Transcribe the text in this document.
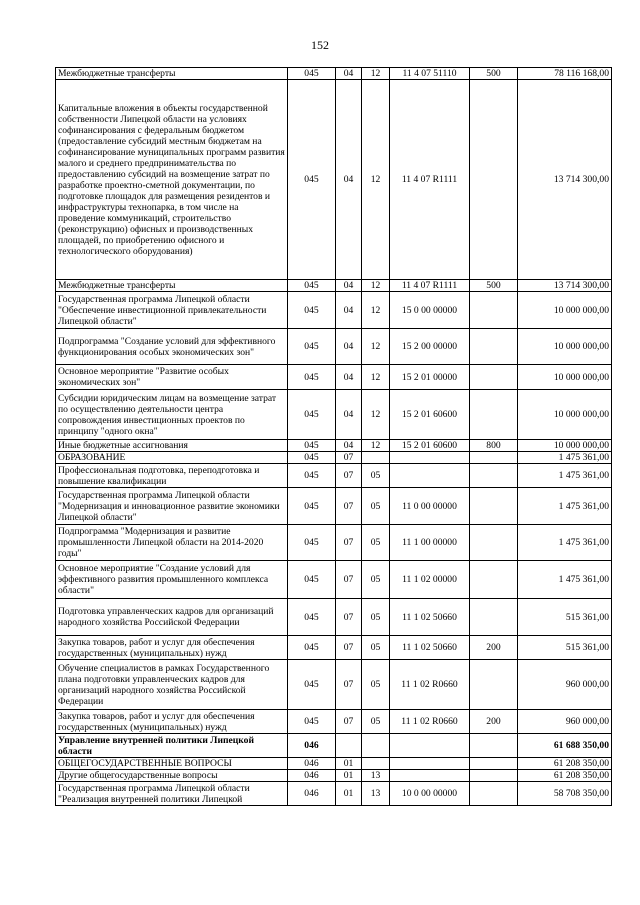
152
Межбюджетные трансферты	045	04	12	11 4 07 51110	500	78 116 168,00
Капитальные вложения в объекты государственной собственности Липецкой области на условиях софинансирования с федеральным бюджетом (предоставление субсидий местным бюджетам на софинансирование муниципальных программ развития малого и среднего предпринимательства по предоставлению субсидий на возмещение затрат по разработке проектно-сметной документации, по подготовке площадок для размещения резидентов и инфраструктуры технопарка, в том числе на проведение коммуникаций, строительство (реконструкцию) офисных и производственных площадей, по приобретению офисного и технологического оборудования)	045	04	12	11 4 07 R1111		13 714 300,00
Межбюджетные трансферты	045	04	12	11 4 07 R1111	500	13 714 300,00
Государственная программа Липецкой области "Обеспечение инвестиционной привлекательности Липецкой области"	045	04	12	15 0 00 00000		10 000 000,00
Подпрограмма "Создание условий для эффективного функционирования особых экономических зон"	045	04	12	15 2 00 00000		10 000 000,00
Основное мероприятие "Развитие особых экономических зон"	045	04	12	15 2 01 00000		10 000 000,00
Субсидии юридическим лицам на возмещение затрат по осуществлению деятельности центра сопровождения инвестиционных проектов по принципу "одного окна"	045	04	12	15 2 01 60600		10 000 000,00
Иные бюджетные ассигнования	045	04	12	15 2 01 60600	800	10 000 000,00
ОБРАЗОВАНИЕ	045	07				1 475 361,00
Профессиональная подготовка, переподготовка и повышение квалификации	045	07	05			1 475 361,00
Государственная программа Липецкой области "Модернизация и инновационное развитие экономики Липецкой области"	045	07	05	11 0 00 00000		1 475 361,00
Подпрограмма "Модернизация и развитие промышленности Липецкой области на 2014-2020 годы"	045	07	05	11 1 00 00000		1 475 361,00
Основное мероприятие "Создание условий для эффективного развития промышленного комплекса области"	045	07	05	11 1 02 00000		1 475 361,00
Подготовка управленческих кадров для организаций народного хозяйства Российской Федерации	045	07	05	11 1 02 50660		515 361,00
Закупка товаров, работ и услуг для обеспечения государственных (муниципальных) нужд	045	07	05	11 1 02 50660	200	515 361,00
Обучение специалистов в рамках Государственного плана подготовки управленческих кадров для организаций народного хозяйства Российской Федерации	045	07	05	11 1 02 R0660		960 000,00
Закупка товаров, работ и услуг для обеспечения государственных (муниципальных) нужд	045	07	05	11 1 02 R0660	200	960 000,00
Управление внутренней политики Липецкой области	046					61 688 350,00
ОБЩЕГОСУДАРСТВЕННЫЕ ВОПРОСЫ	046	01				61 208 350,00
Другие общегосударственные вопросы	046	01	13			61 208 350,00
Государственная программа Липецкой области "Реализация внутренней политики Липецкой	046	01	13	10 0 00 00000		58 708 350,00
